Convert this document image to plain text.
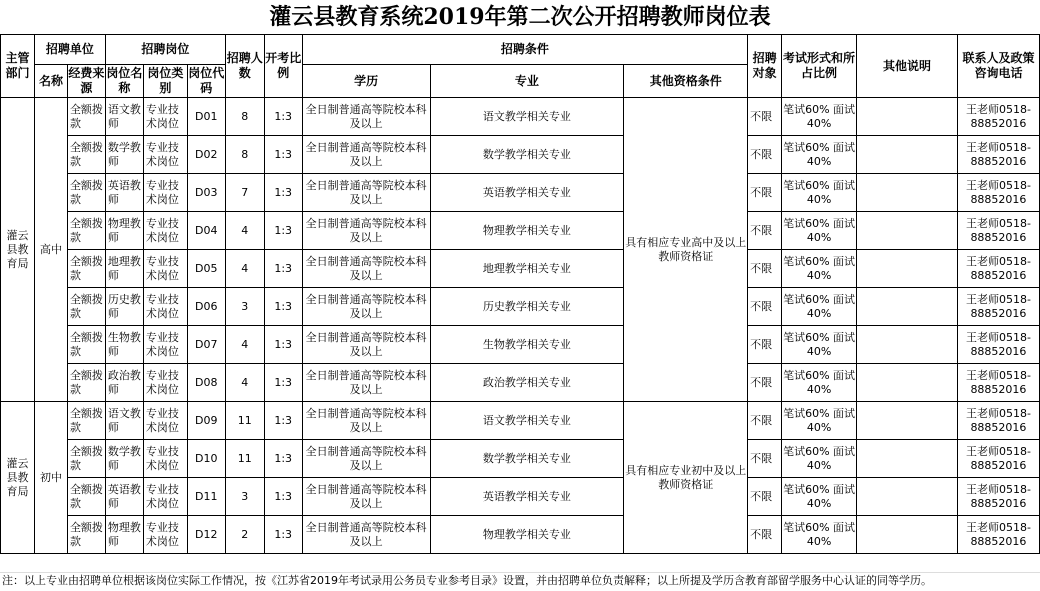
灌云县教育系统2019年第二次公开招聘教师岗位表
主管部门	招聘单位		招聘岗位			招聘人数	开考比例	招聘条件			招聘对象	考试形式和所占比例	其他说明	联系人及政策咨询电话
	名称	经费来源	岗位名称	岗位类别	岗位代码			学历	专业	其他资格条件				
灌云县教育局	高中	全额拨款	语文教师	专业技术岗位	D01	8	1:3	全日制普通高等院校本科及以上	语文教学相关专业	具有相应专业高中及以上教师资格证	不限	笔试60% 面试40%		王老师0518-88852016
		全额拨款	数学教师	专业技术岗位	D02	8	1:3	全日制普通高等院校本科及以上	数学教学相关专业		不限	笔试60% 面试40%		王老师0518-88852016
		全额拨款	英语教师	专业技术岗位	D03	7	1:3	全日制普通高等院校本科及以上	英语教学相关专业		不限	笔试60% 面试40%		王老师0518-88852016
		全额拨款	物理教师	专业技术岗位	D04	4	1:3	全日制普通高等院校本科及以上	物理教学相关专业		不限	笔试60% 面试40%		王老师0518-88852016
		全额拨款	地理教师	专业技术岗位	D05	4	1:3	全日制普通高等院校本科及以上	地理教学相关专业		不限	笔试60% 面试40%		王老师0518-88852016
		全额拨款	历史教师	专业技术岗位	D06	3	1:3	全日制普通高等院校本科及以上	历史教学相关专业		不限	笔试60% 面试40%		王老师0518-88852016
		全额拨款	生物教师	专业技术岗位	D07	4	1:3	全日制普通高等院校本科及以上	生物教学相关专业		不限	笔试60% 面试40%		王老师0518-88852016
		全额拨款	政治教师	专业技术岗位	D08	4	1:3	全日制普通高等院校本科及以上	政治教学相关专业		不限	笔试60% 面试40%		王老师0518-88852016
灌云县教育局	初中	全额拨款	语文教师	专业技术岗位	D09	11	1:3	全日制普通高等院校本科及以上	语文教学相关专业	具有相应专业初中及以上教师资格证	不限	笔试60% 面试40%		王老师0518-88852016
		全额拨款	数学教师	专业技术岗位	D10	11	1:3	全日制普通高等院校本科及以上	数学教学相关专业		不限	笔试60% 面试40%		王老师0518-88852016
		全额拨款	英语教师	专业技术岗位	D11	3	1:3	全日制普通高等院校本科及以上	英语教学相关专业		不限	笔试60% 面试40%		王老师0518-88852016
		全额拨款	物理教师	专业技术岗位	D12	2	1:3	全日制普通高等院校本科及以上	物理教学相关专业		不限	笔试60% 面试40%		王老师0518-88852016
注：以上专业由招聘单位根据该岗位实际工作情况，按《江苏省2019年考试录用公务员专业参考目录》设置，并由招聘单位负责解释；以上所提及学历含教育部留学服务中心认证的同等学历。
